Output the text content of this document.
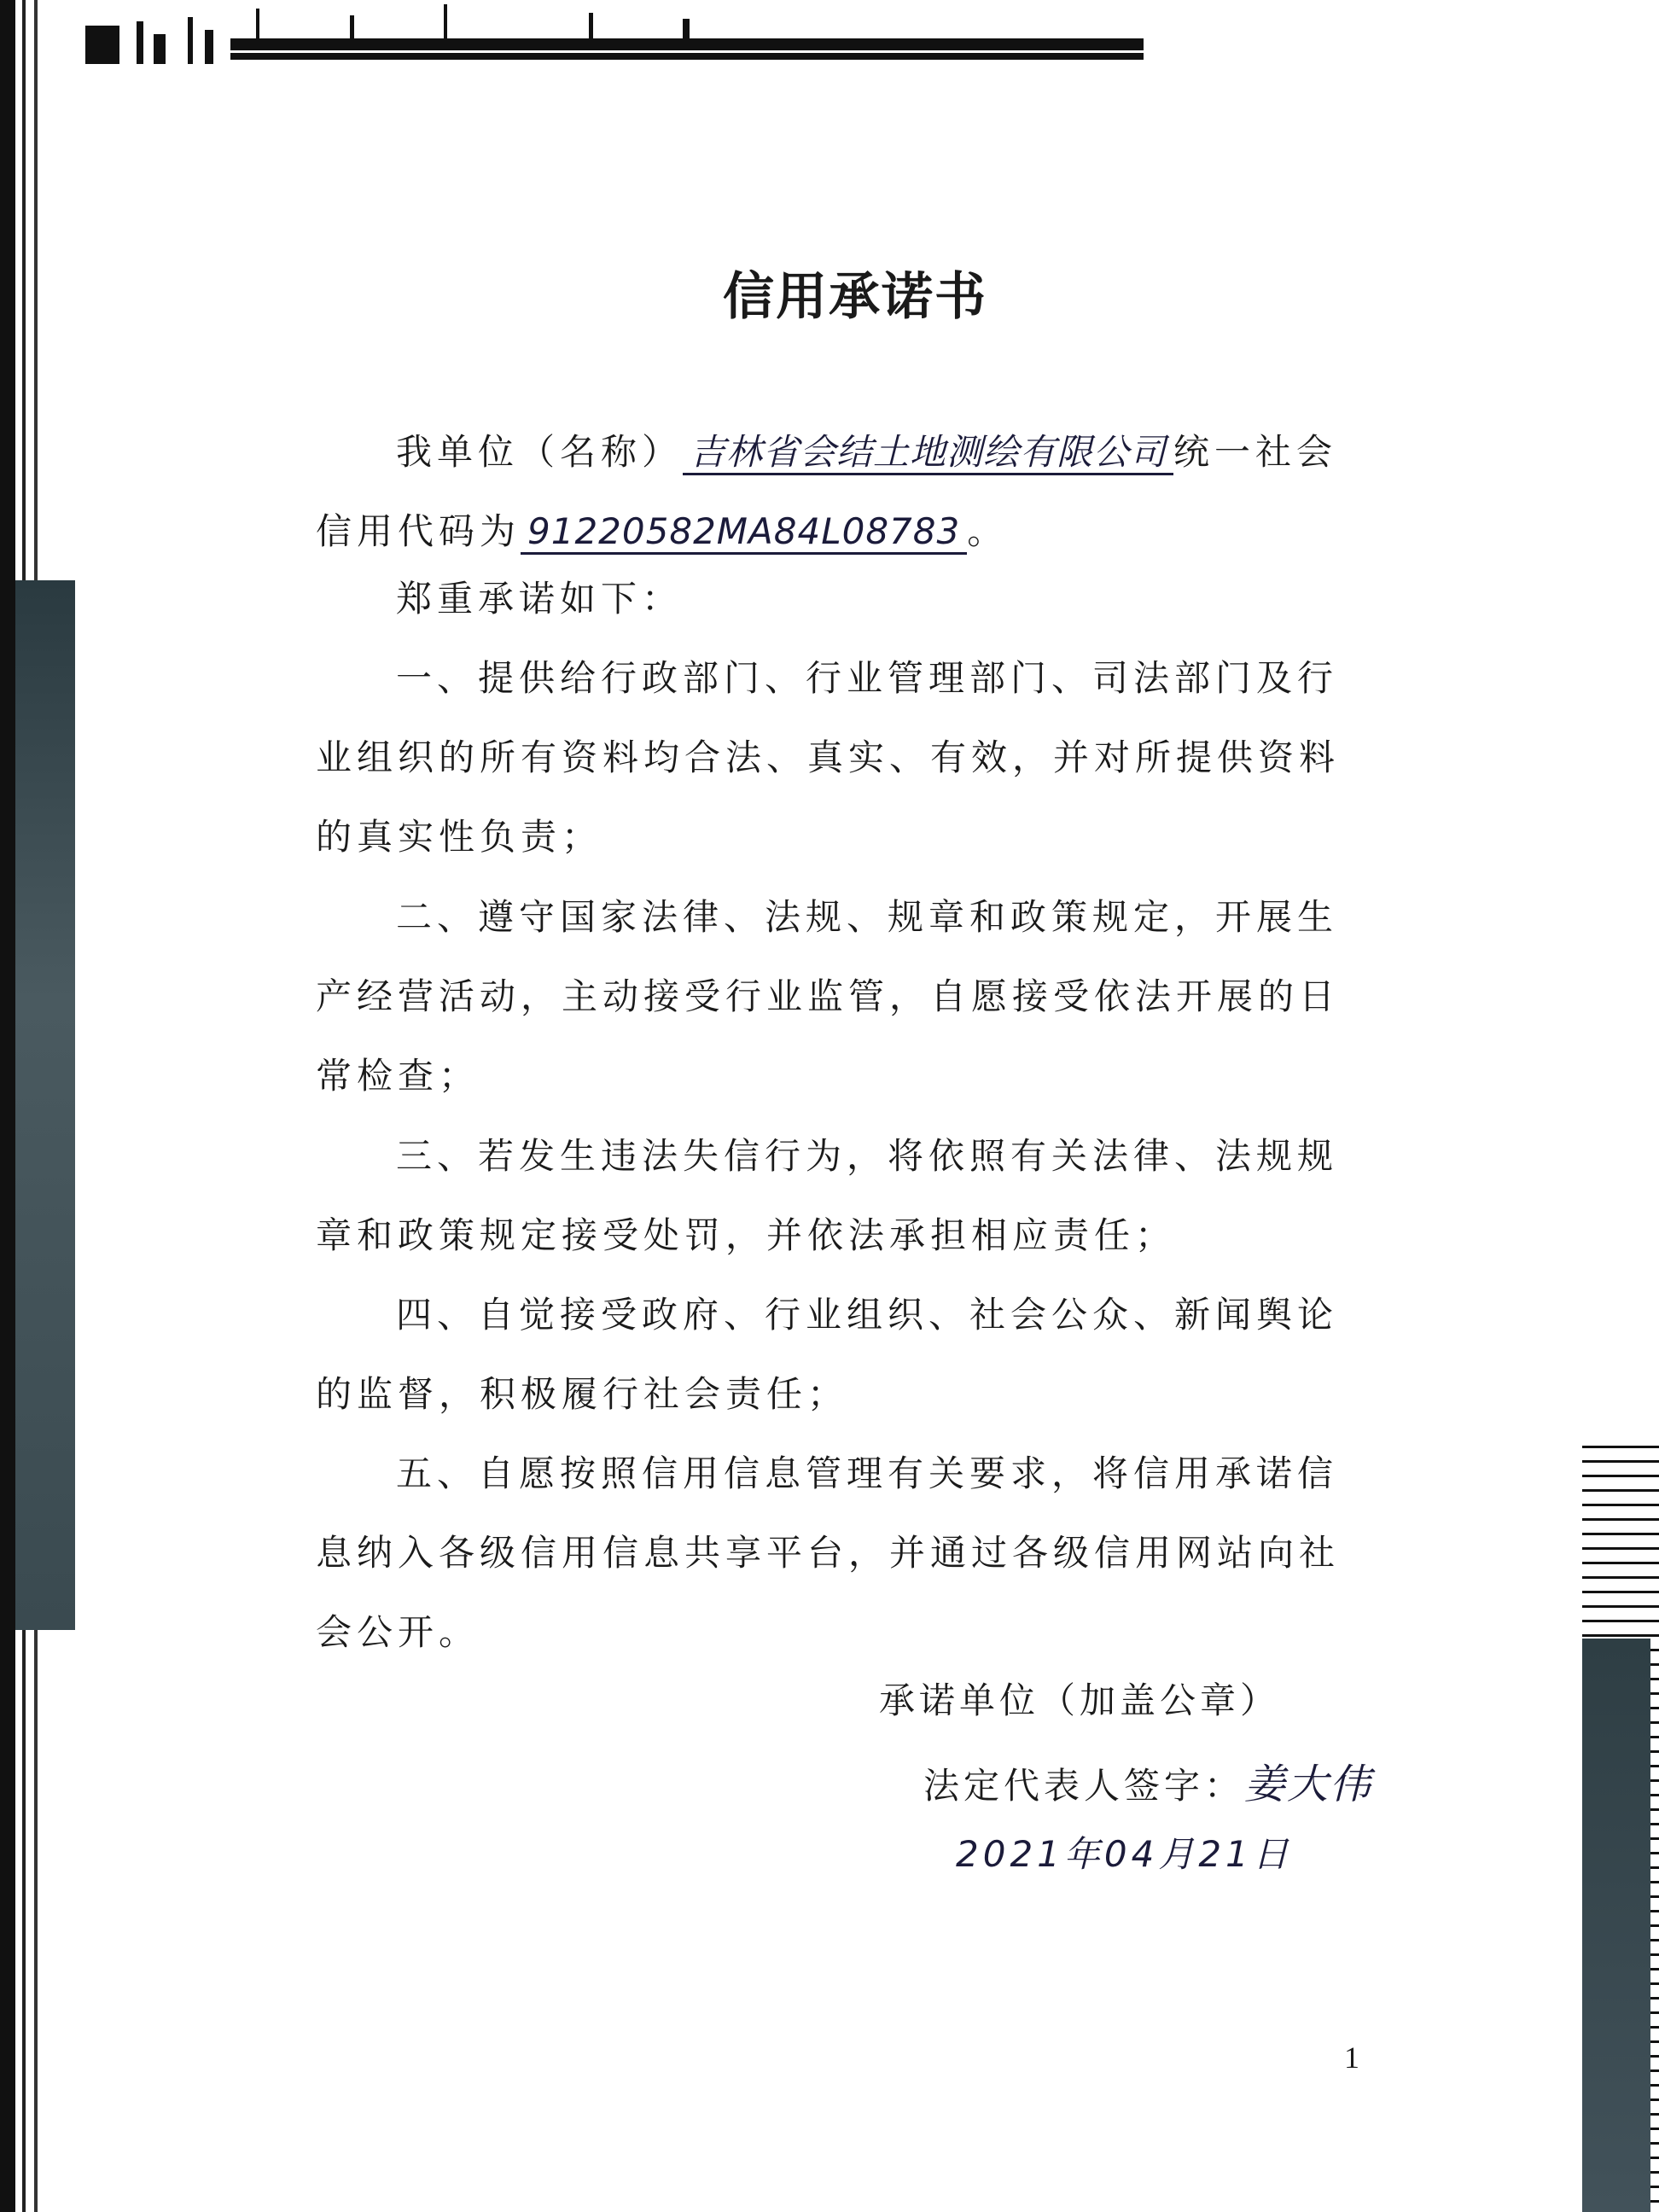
信用承诺书
我单位（名称） 吉林省会结土地测绘有限公司 统一社会信用代码为 91220582MA84L08783 。
郑重承诺如下：
一、提供给行政部门、行业管理部门、司法部门及行业组织的所有资料均合法、真实、有效，并对所提供资料的真实性负责；
二、遵守国家法律、法规、规章和政策规定，开展生产经营活动，主动接受行业监管，自愿接受依法开展的日常检查；
三、若发生违法失信行为，将依照有关法律、法规规章和政策规定接受处罚，并依法承担相应责任；
四、自觉接受政府、行业组织、社会公众、新闻舆论的监督，积极履行社会责任；
五、自愿按照信用信息管理有关要求，将信用承诺信息纳入各级信用信息共享平台，并通过各级信用网站向社会公开。
承诺单位（加盖公章）
法定代表人签字：姜大伟
2021年04月21日
1
